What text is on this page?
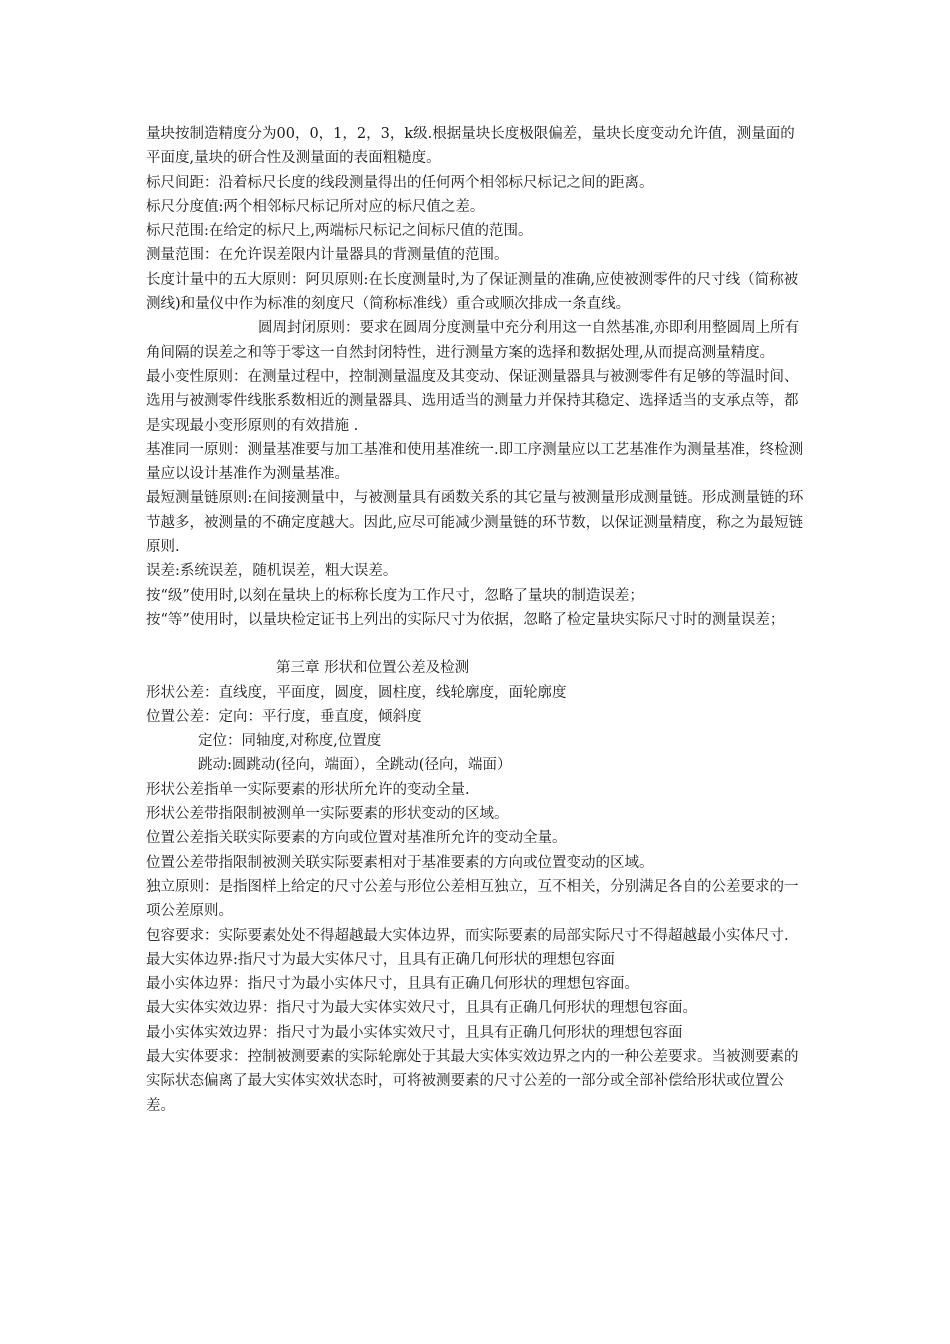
量块按制造精度分为00，0，1，2，3，k级.根据量块长度极限偏差，量块长度变动允许值，测量面的平面度,量块的研合性及测量面的表面粗糙度。

标尺间距：沿着标尺长度的线段测量得出的任何两个相邻标尺标记之间的距离。

标尺分度值:两个相邻标尺标记所对应的标尺值之差。

标尺范围:在给定的标尺上,两端标尺标记之间标尺值的范围。

测量范围：在允许误差限内计量器具的背测量值的范围。

长度计量中的五大原则：阿贝原则:在长度测量时,为了保证测量的准确,应使被测零件的尺寸线（简称被测线)和量仪中作为标准的刻度尺（简称标准线）重合或顺次排成一条直线。

圆周封闭原则：要求在圆周分度测量中充分利用这一自然基准,亦即利用整圆周上所有角间隔的误差之和等于零这一自然封闭特性，进行测量方案的选择和数据处理,从而提高测量精度。

最小变性原则：在测量过程中，控制测量温度及其变动、保证测量器具与被测零件有足够的等温时间、选用与被测零件线胀系数相近的测量器具、选用适当的测量力并保持其稳定、选择适当的支承点等，都是实现最小变形原则的有效措施 .

基准同一原则：测量基准要与加工基准和使用基准统一.即工序测量应以工艺基准作为测量基准，终检测量应以设计基准作为测量基准。

最短测量链原则:在间接测量中，与被测量具有函数关系的其它量与被测量形成测量链。形成测量链的环节越多，被测量的不确定度越大。因此,应尽可能减少测量链的环节数，以保证测量精度，称之为最短链原则.

误差:系统误差，随机误差，粗大误差。

按“级”使用时,以刻在量块上的标称长度为工作尺寸，忽略了量块的制造误差；

按“等”使用时，以量块检定证书上列出的实际尺寸为依据，忽略了检定量块实际尺寸时的测量误差；

第三章 形状和位置公差及检测

形状公差：直线度，平面度，圆度，圆柱度，线轮廓度，面轮廓度

位置公差：定向：平行度，垂直度，倾斜度

定位：同轴度,对称度,位置度

跳动:圆跳动(径向，端面），全跳动(径向，端面）

形状公差指单一实际要素的形状所允许的变动全量.

形状公差带指限制被测单一实际要素的形状变动的区域。

位置公差指关联实际要素的方向或位置对基准所允许的变动全量。

位置公差带指限制被测关联实际要素相对于基准要素的方向或位置变动的区域。

独立原则：是指图样上给定的尺寸公差与形位公差相互独立，互不相关，分别满足各自的公差要求的一项公差原则。

包容要求：实际要素处处不得超越最大实体边界，而实际要素的局部实际尺寸不得超越最小实体尺寸.

最大实体边界:指尺寸为最大实体尺寸，且具有正确几何形状的理想包容面

最小实体边界：指尺寸为最小实体尺寸，且具有正确几何形状的理想包容面。

最大实体实效边界：指尺寸为最大实体实效尺寸，且具有正确几何形状的理想包容面。

最小实体实效边界：指尺寸为最小实体实效尺寸，且具有正确几何形状的理想包容面

最大实体要求：控制被测要素的实际轮廓处于其最大实体实效边界之内的一种公差要求。当被测要素的实际状态偏离了最大实体实效状态时，可将被测要素的尺寸公差的一部分或全部补偿给形状或位置公差。
